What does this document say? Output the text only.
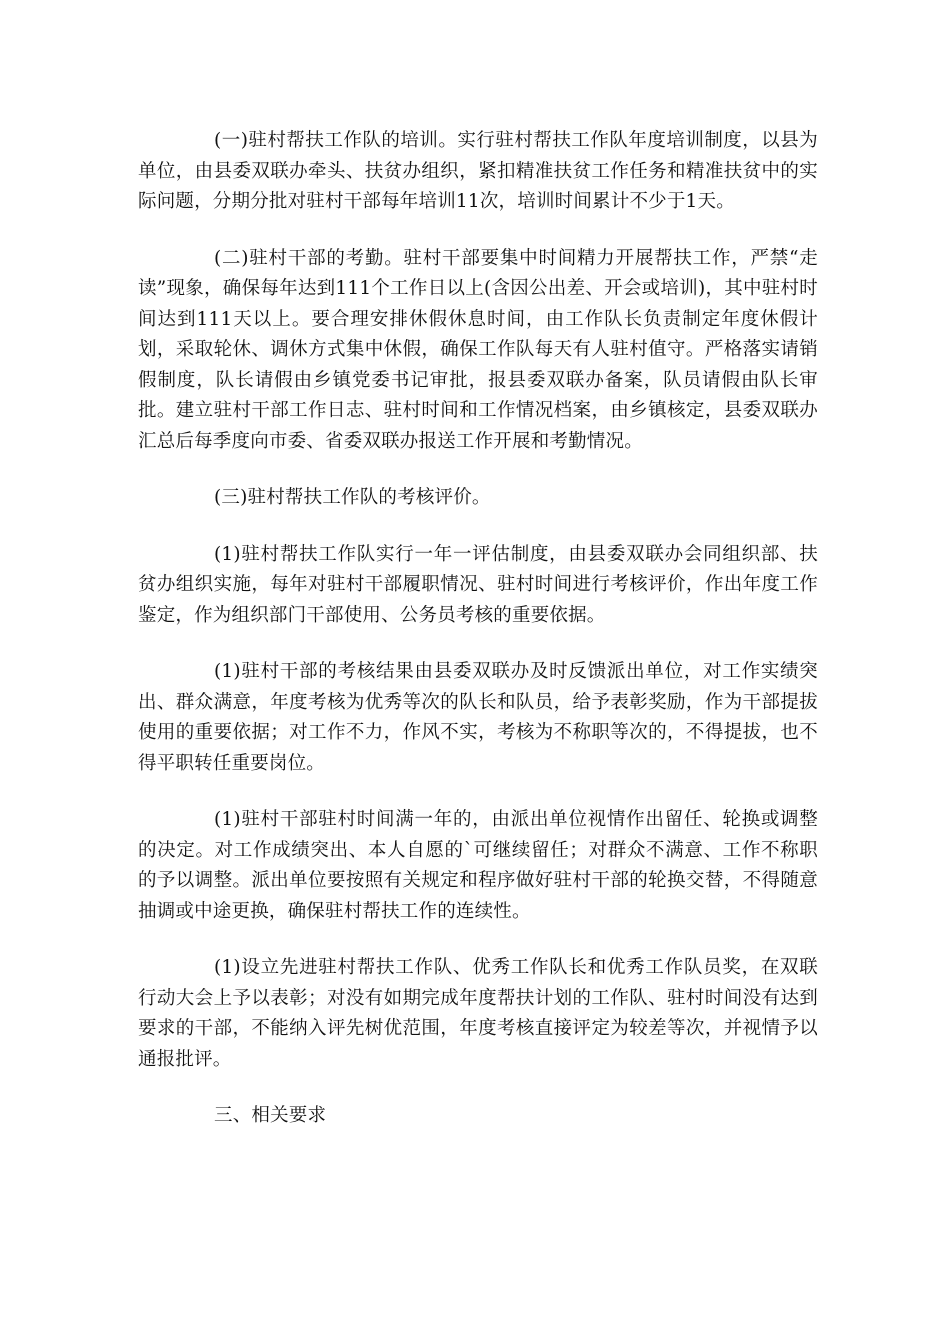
(一)驻村帮扶工作队的培训。实行驻村帮扶工作队年度培训制度，以县为单位，由县委双联办牵头、扶贫办组织，紧扣精准扶贫工作任务和精准扶贫中的实际问题，分期分批对驻村干部每年培训11次，培训时间累计不少于1天。

(二)驻村干部的考勤。驻村干部要集中时间精力开展帮扶工作，严禁“走读”现象，确保每年达到111个工作日以上(含因公出差、开会或培训)，其中驻村时间达到111天以上。要合理安排休假休息时间，由工作队长负责制定年度休假计划，采取轮休、调休方式集中休假，确保工作队每天有人驻村值守。严格落实请销假制度，队长请假由乡镇党委书记审批，报县委双联办备案，队员请假由队长审批。建立驻村干部工作日志、驻村时间和工作情况档案，由乡镇核定，县委双联办汇总后每季度向市委、省委双联办报送工作开展和考勤情况。

(三)驻村帮扶工作队的考核评价。

(1)驻村帮扶工作队实行一年一评估制度，由县委双联办会同组织部、扶贫办组织实施，每年对驻村干部履职情况、驻村时间进行考核评价，作出年度工作鉴定，作为组织部门干部使用、公务员考核的重要依据。

(1)驻村干部的考核结果由县委双联办及时反馈派出单位，对工作实绩突出、群众满意，年度考核为优秀等次的队长和队员，给予表彰奖励，作为干部提拔使用的重要依据；对工作不力，作风不实，考核为不称职等次的，不得提拔，也不得平职转任重要岗位。

(1)驻村干部驻村时间满一年的，由派出单位视情作出留任、轮换或调整的决定。对工作成绩突出、本人自愿的`可继续留任；对群众不满意、工作不称职的予以调整。派出单位要按照有关规定和程序做好驻村干部的轮换交替，不得随意抽调或中途更换，确保驻村帮扶工作的连续性。

(1)设立先进驻村帮扶工作队、优秀工作队长和优秀工作队员奖，在双联行动大会上予以表彰；对没有如期完成年度帮扶计划的工作队、驻村时间没有达到要求的干部，不能纳入评先树优范围，年度考核直接评定为较差等次，并视情予以通报批评。

三、相关要求
